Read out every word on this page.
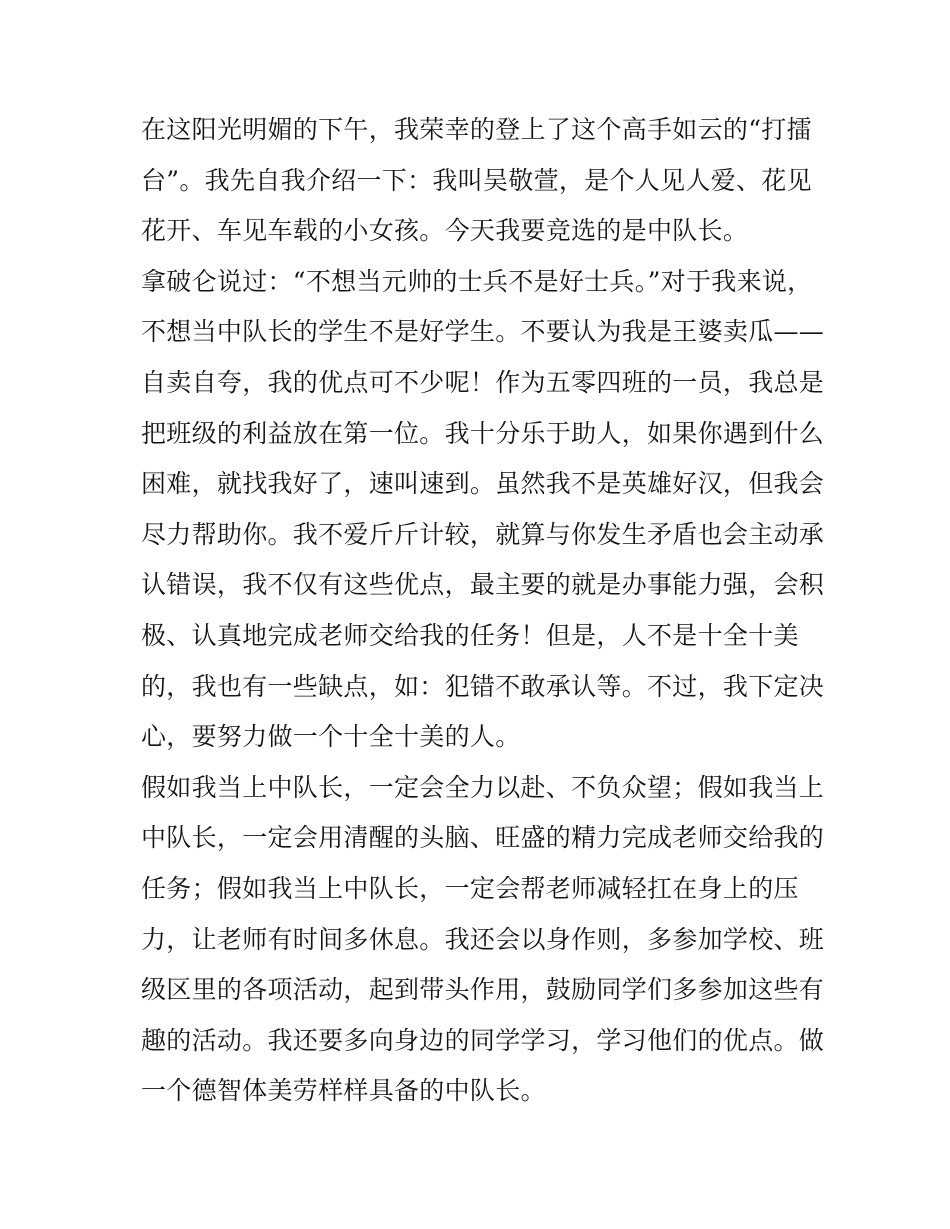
在这阳光明媚的下午，我荣幸的登上了这个高手如云的“打擂
台”。我先自我介绍一下：我叫吴敬萱，是个人见人爱、花见
花开、车见车载的小女孩。今天我要竞选的是中队长。
拿破仑说过：“不想当元帅的士兵不是好士兵。”对于我来说，
不想当中队长的学生不是好学生。不要认为我是王婆卖瓜——
自卖自夸，我的优点可不少呢！作为五零四班的一员，我总是
把班级的利益放在第一位。我十分乐于助人，如果你遇到什么
困难，就找我好了，速叫速到。虽然我不是英雄好汉，但我会
尽力帮助你。我不爱斤斤计较，就算与你发生矛盾也会主动承
认错误，我不仅有这些优点，最主要的就是办事能力强，会积
极、认真地完成老师交给我的任务！但是，人不是十全十美
的，我也有一些缺点，如：犯错不敢承认等。不过，我下定决
心，要努力做一个十全十美的人。
假如我当上中队长，一定会全力以赴、不负众望；假如我当上
中队长，一定会用清醒的头脑、旺盛的精力完成老师交给我的
任务；假如我当上中队长，一定会帮老师减轻扛在身上的压
力，让老师有时间多休息。我还会以身作则，多参加学校、班
级区里的各项活动，起到带头作用，鼓励同学们多参加这些有
趣的活动。我还要多向身边的同学学习，学习他们的优点。做
一个德智体美劳样样具备的中队长。
